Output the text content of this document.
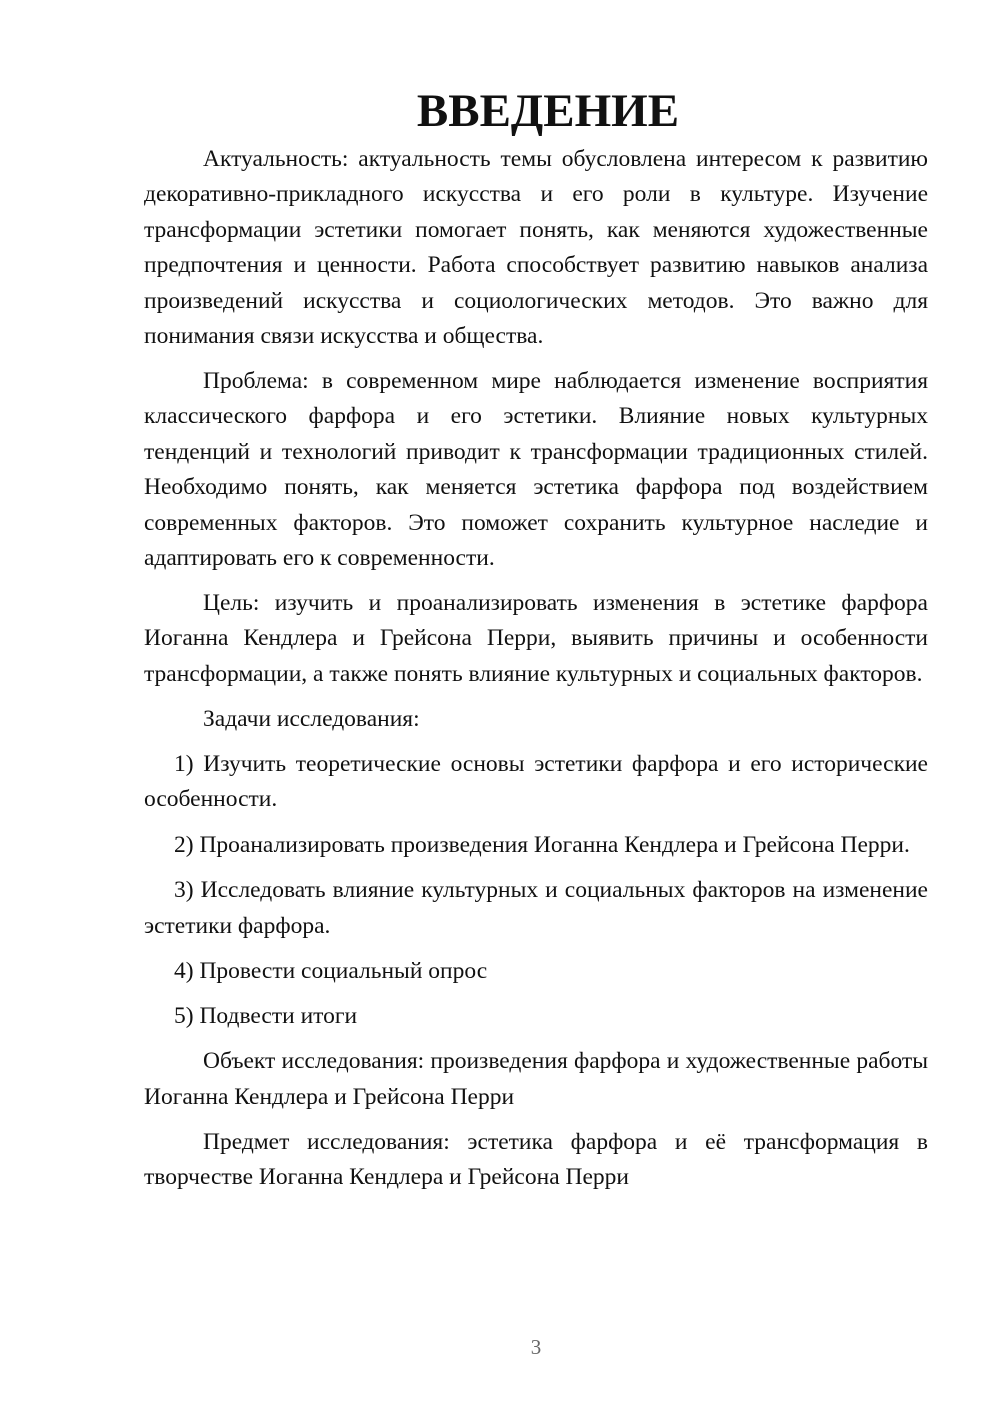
ВВЕДЕНИЕ

Актуальность: актуальность темы обусловлена интересом к развитию декоративно-прикладного искусства и его роли в культуре. Изучение трансформации эстетики помогает понять, как меняются художественные предпочтения и ценности. Работа способствует развитию навыков анализа произведений искусства и социологических методов. Это важно для понимания связи искусства и общества.

Проблема: в современном мире наблюдается изменение восприятия классического фарфора и его эстетики. Влияние новых культурных тенденций и технологий приводит к трансформации традиционных стилей. Необходимо понять, как меняется эстетика фарфора под воздействием современных факторов. Это поможет сохранить культурное наследие и адаптировать его к современности.

Цель: изучить и проанализировать изменения в эстетике фарфора Иоганна Кендлера и Грейсона Перри, выявить причины и особенности трансформации, а также понять влияние культурных и социальных факторов.

Задачи исследования:

1) Изучить теоретические основы эстетики фарфора и его исторические особенности.

2) Проанализировать произведения Иоганна Кендлера и Грейсона Перри.

3) Исследовать влияние культурных и социальных факторов на изменение эстетики фарфора.

4) Провести социальный опрос

5) Подвести итоги

Объект исследования: произведения фарфора и художественные работы Иоганна Кендлера и Грейсона Перри

Предмет исследования: эстетика фарфора и её трансформация в творчестве Иоганна Кендлера и Грейсона Перри

3
